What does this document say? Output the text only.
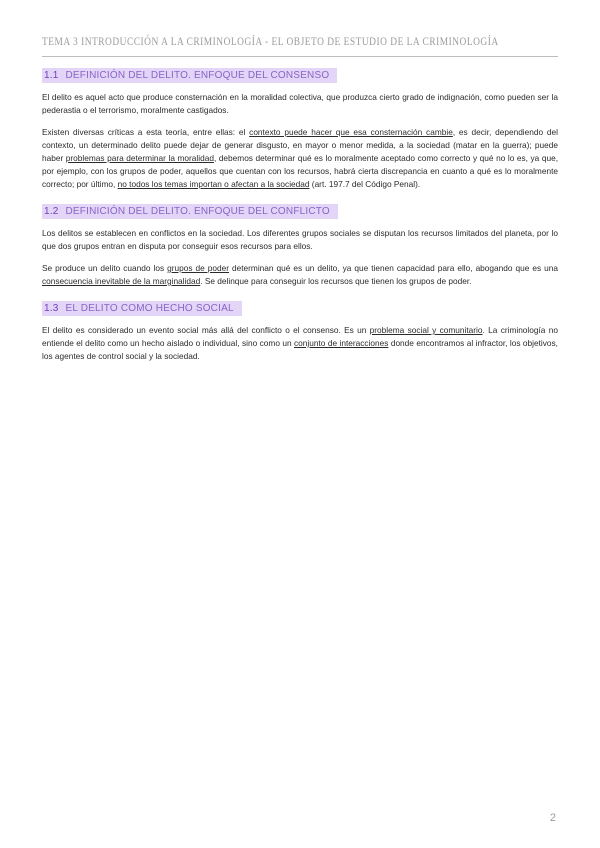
TEMA 3 INTRODUCCIÓN A LA CRIMINOLOGÍA - EL OBJETO DE ESTUDIO DE LA CRIMINOLOGÍA
1.1 DEFINICIÓN DEL DELITO. ENFOQUE DEL CONSENSO

El delito es aquel acto que produce consternación en la moralidad colectiva, que produzca cierto grado de indignación, como pueden ser la pederastia o el terrorismo, moralmente castigados.

Existen diversas críticas a esta teoría, entre ellas: el contexto puede hacer que esa consternación cambie, es decir, dependiendo del contexto, un determinado delito puede dejar de generar disgusto, en mayor o menor medida, a la sociedad (matar en la guerra); puede haber problemas para determinar la moralidad, debemos determinar qué es lo moralmente aceptado como correcto y qué no lo es, ya que, por ejemplo, con los grupos de poder, aquellos que cuentan con los recursos, habrá cierta discrepancia en cuanto a qué es lo moralmente correcto; por último, no todos los temas importan o afectan a la sociedad (art. 197.7 del Código Penal).

1.2 DEFINICIÓN DEL DELITO. ENFOQUE DEL CONFLICTO

Los delitos se establecen en conflictos en la sociedad. Los diferentes grupos sociales se disputan los recursos limitados del planeta, por lo que dos grupos entran en disputa por conseguir esos recursos para ellos.

Se produce un delito cuando los grupos de poder determinan qué es un delito, ya que tienen capacidad para ello, abogando que es una consecuencia inevitable de la marginalidad. Se delinque para conseguir los recursos que tienen los grupos de poder.

1.3 EL DELITO COMO HECHO SOCIAL

El delito es considerado un evento social más allá del conflicto o el consenso. Es un problema social y comunitario. La criminología no entiende el delito como un hecho aislado o individual, sino como un conjunto de interacciones donde encontramos al infractor, los objetivos, los agentes de control social y la sociedad.

2
